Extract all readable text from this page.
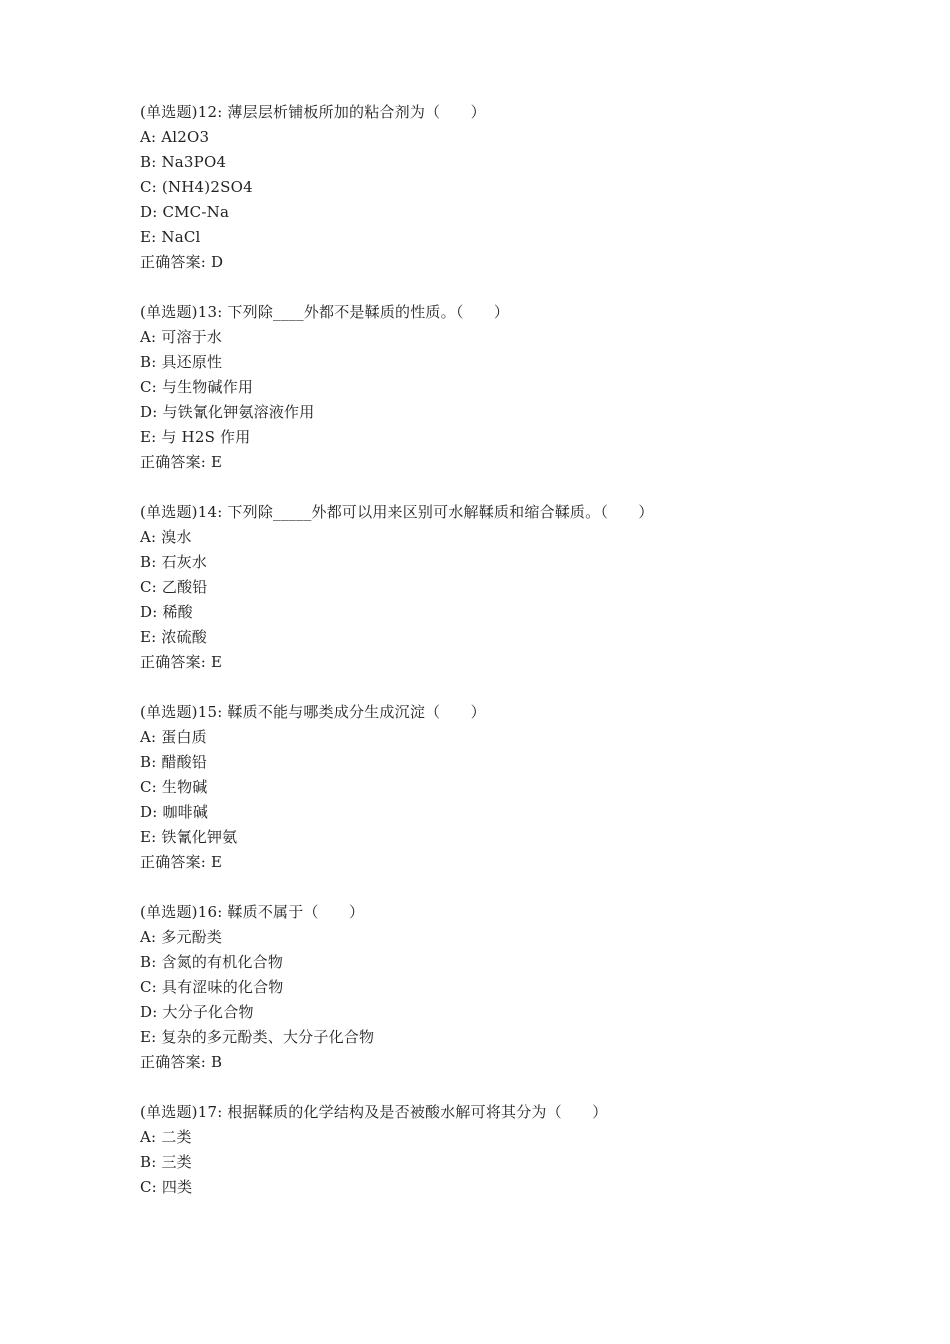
(单选题)12: 薄层层析铺板所加的粘合剂为（　　）
A: Al2O3
B: Na3PO4
C: (NH4)2SO4
D: CMC-Na
E: NaCl
正确答案: D
(单选题)13: 下列除____外都不是鞣质的性质。（　　）
A: 可溶于水
B: 具还原性
C: 与生物碱作用
D: 与铁氰化钾氨溶液作用
E: 与 H2S 作用
正确答案: E
(单选题)14: 下列除_____外都可以用来区别可水解鞣质和缩合鞣质。（　　）
A: 溴水
B: 石灰水
C: 乙酸铅
D: 稀酸
E: 浓硫酸
正确答案: E
(单选题)15: 鞣质不能与哪类成分生成沉淀（　　）
A: 蛋白质
B: 醋酸铅
C: 生物碱
D: 咖啡碱
E: 铁氰化钾氨
正确答案: E
(单选题)16: 鞣质不属于（　　）
A: 多元酚类
B: 含氮的有机化合物
C: 具有涩味的化合物
D: 大分子化合物
E: 复杂的多元酚类、大分子化合物
正确答案: B
(单选题)17: 根据鞣质的化学结构及是否被酸水解可将其分为（　　）
A: 二类
B: 三类
C: 四类
